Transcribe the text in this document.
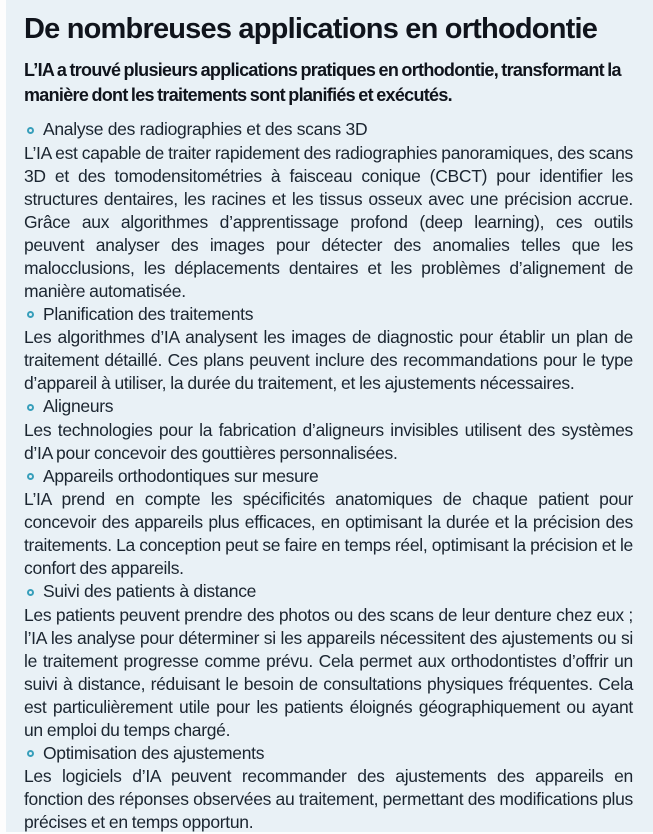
De nombreuses applications en orthodontie

L’IA a trouvé plusieurs applications pratiques en orthodontie, transformant la manière dont les traitements sont planifiés et exécutés.

Analyse des radiographies et des scans 3D

L’IA est capable de traiter rapidement des radiographies panoramiques, des scans 3D et des tomodensitométries à faisceau conique (CBCT) pour identifier les structures dentaires, les racines et les tissus osseux avec une précision accrue. Grâce aux algorithmes d’apprentissage profond (deep learning), ces outils peuvent analyser des images pour détecter des anomalies telles que les malocclusions, les déplacements dentaires et les problèmes d’alignement de manière automatisée.

Planification des traitements

Les algorithmes d’IA analysent les images de diagnostic pour établir un plan de traitement détaillé. Ces plans peuvent inclure des recommandations pour le type d’appareil à utiliser, la durée du traitement, et les ajustements nécessaires.

Aligneurs

Les technologies pour la fabrication d’aligneurs invisibles utilisent des systèmes d’IA pour concevoir des gouttières personnalisées.

Appareils orthodontiques sur mesure

L’IA prend en compte les spécificités anatomiques de chaque patient pour concevoir des appareils plus efficaces, en optimisant la durée et la précision des traitements. La conception peut se faire en temps réel, optimisant la précision et le confort des appareils.

Suivi des patients à distance

Les patients peuvent prendre des photos ou des scans de leur denture chez eux ; l’IA les analyse pour déterminer si les appareils nécessitent des ajustements ou si le traitement progresse comme prévu. Cela permet aux orthodontistes d’offrir un suivi à distance, réduisant le besoin de consultations physiques fréquentes. Cela est particulièrement utile pour les patients éloignés géographiquement ou ayant un emploi du temps chargé.

Optimisation des ajustements

Les logiciels d’IA peuvent recommander des ajustements des appareils en fonction des réponses observées au traitement, permettant des modifications plus précises et en temps opportun.
